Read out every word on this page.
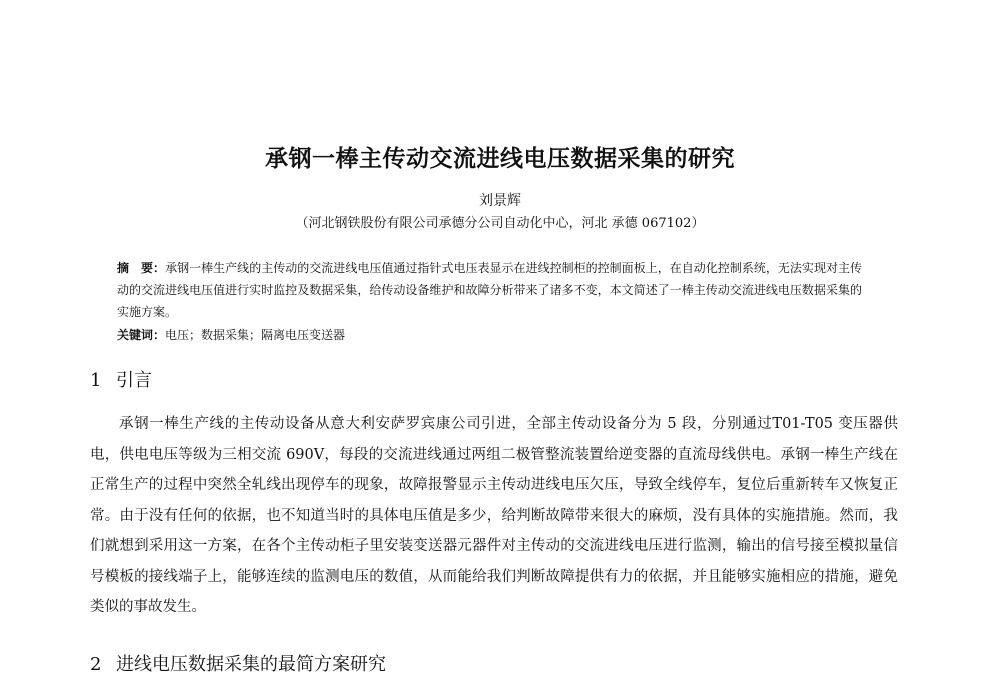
承钢一棒主传动交流进线电压数据采集的研究
刘景辉
（河北钢铁股份有限公司承德分公司自动化中心，河北 承德 067102）
摘　要：承钢一棒生产线的主传动的交流进线电压值通过指针式电压表显示在进线控制柜的控制面板上，在自动化控制系统，无法实现对主传动的交流进线电压值进行实时监控及数据采集，给传动设备维护和故障分析带来了诸多不变，本文简述了一棒主传动交流进线电压数据采集的实施方案。
关键词：电压；数据采集；隔离电压变送器
1 引言
承钢一棒生产线的主传动设备从意大利安萨罗宾康公司引进，全部主传动设备分为 5 段，分别通过T01-T05 变压器供电，供电电压等级为三相交流 690V，每段的交流进线通过两组二极管整流装置给逆变器的直流母线供电。承钢一棒生产线在正常生产的过程中突然全轧线出现停车的现象，故障报警显示主传动进线电压欠压，导致全线停车，复位后重新转车又恢复正常。由于没有任何的依据，也不知道当时的具体电压值是多少，给判断故障带来很大的麻烦，没有具体的实施措施。然而，我们就想到采用这一方案，在各个主传动柜子里安装变送器元器件对主传动的交流进线电压进行监测，输出的信号接至模拟量信号模板的接线端子上，能够连续的监测电压的数值，从而能给我们判断故障提供有力的依据，并且能够实施相应的措施，避免类似的事故发生。
2 进线电压数据采集的最简方案研究
